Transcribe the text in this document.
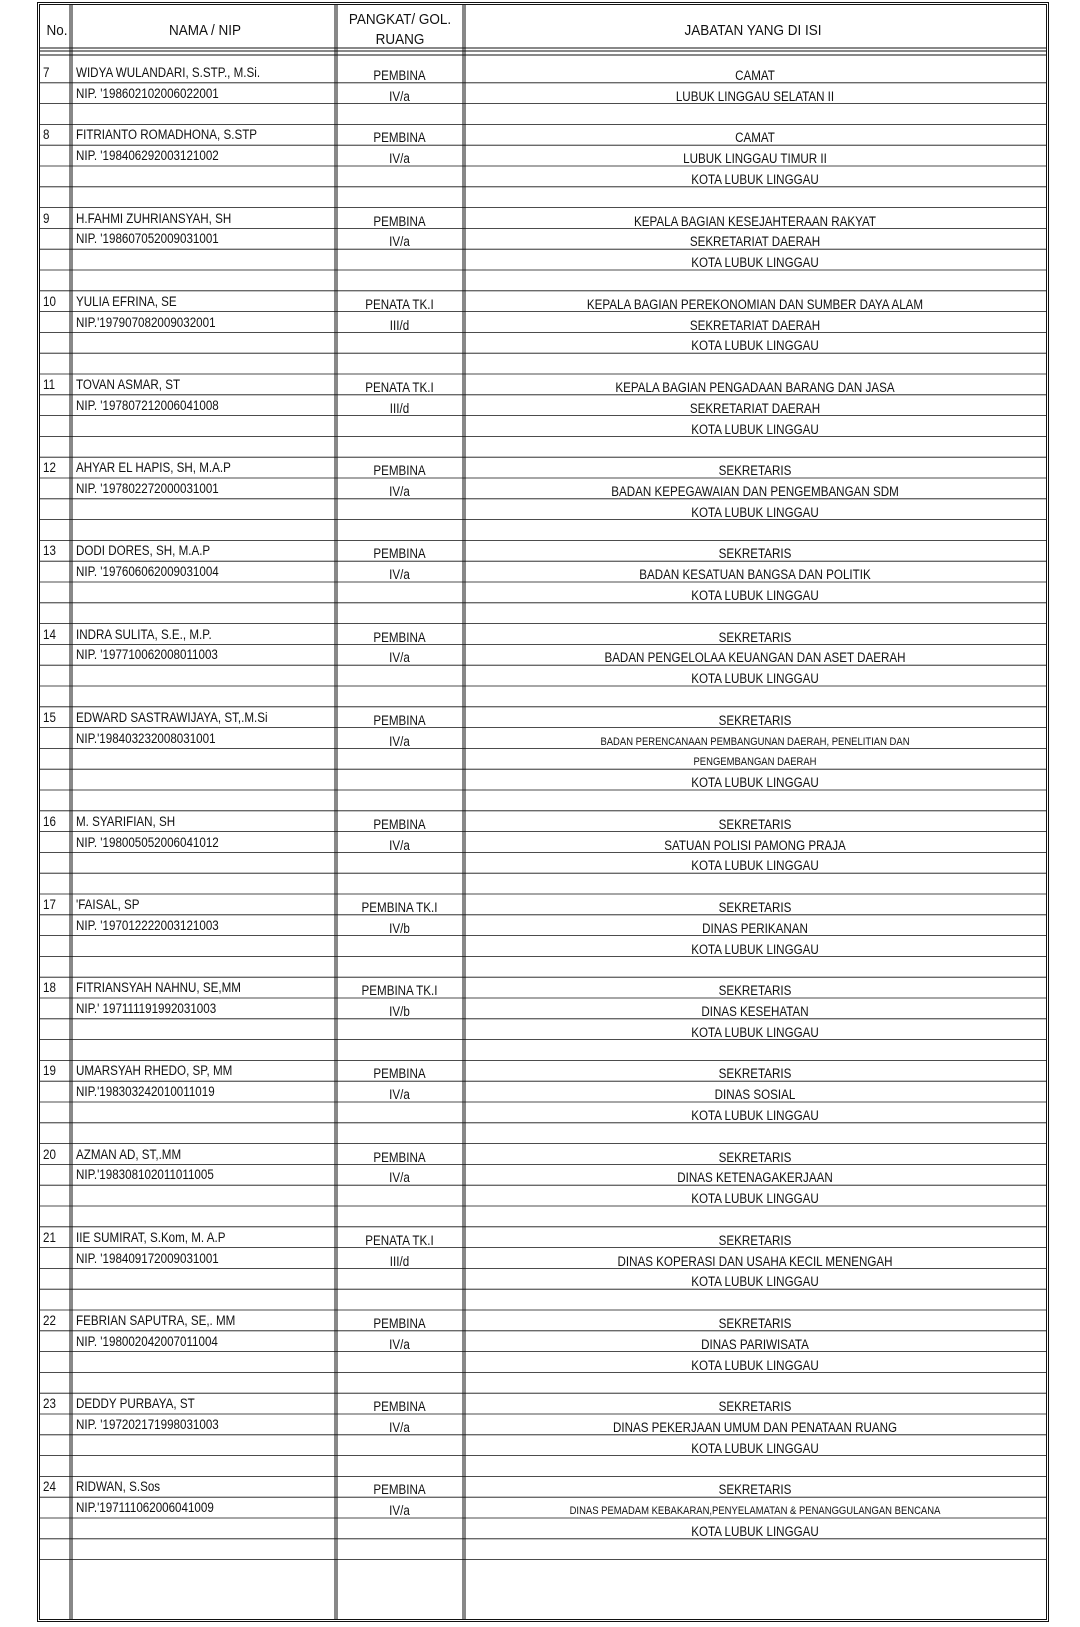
No.	NAMA / NIP
PANGKAT/ GOL.
RUANG
JABATAN YANG DI ISI
7 WIDYA WULANDARI, S.STP., M.Si.
NIP. '198602102006022001
PEMBINA
IV/a
CAMAT
LUBUK LINGGAU SELATAN II
8 FITRIANTO ROMADHONA, S.STP
NIP. '198406292003121002
PEMBINA
IV/a
CAMAT
LUBUK LINGGAU TIMUR II
KOTA LUBUK LINGGAU
9 H.FAHMI ZUHRIANSYAH, SH
NIP. '198607052009031001
PEMBINA
IV/a
KEPALA BAGIAN KESEJAHTERAAN RAKYAT
SEKRETARIAT DAERAH
KOTA LUBUK LINGGAU
10 YULIA EFRINA, SE
NIP.'197907082009032001
PENATA TK.I
III/d
KEPALA BAGIAN PEREKONOMIAN DAN SUMBER DAYA ALAM
SEKRETARIAT DAERAH
KOTA LUBUK LINGGAU
11 TOVAN ASMAR, ST
NIP. '197807212006041008
PENATA TK.I
III/d
KEPALA BAGIAN PENGADAAN BARANG DAN JASA
SEKRETARIAT DAERAH
KOTA LUBUK LINGGAU
12 AHYAR EL HAPIS, SH, M.A.P
NIP. '197802272000031001
PEMBINA
IV/a
SEKRETARIS
BADAN KEPEGAWAIAN DAN PENGEMBANGAN SDM
KOTA LUBUK LINGGAU
13 DODI DORES, SH, M.A.P
NIP. '197606062009031004
PEMBINA
IV/a
SEKRETARIS
BADAN KESATUAN BANGSA DAN POLITIK
KOTA LUBUK LINGGAU
14 INDRA SULITA, S.E., M.P.
NIP. '197710062008011003
PEMBINA
IV/a
SEKRETARIS
BADAN PENGELOLAA KEUANGAN DAN ASET DAERAH
KOTA LUBUK LINGGAU
15 EDWARD SASTRAWIJAYA, ST,.M.Si
NIP.'198403232008031001
PEMBINA
IV/a
SEKRETARIS
BADAN PERENCANAAN PEMBANGUNAN DAERAH, PENELITIAN DAN
PENGEMBANGAN DAERAH
KOTA LUBUK LINGGAU
16 M. SYARIFIAN, SH
NIP. '198005052006041012
PEMBINA
IV/a
SEKRETARIS
SATUAN POLISI PAMONG PRAJA
KOTA LUBUK LINGGAU
17 'FAISAL, SP
NIP. '197012222003121003
PEMBINA TK.I
IV/b
SEKRETARIS
DINAS PERIKANAN
KOTA LUBUK LINGGAU
18 FITRIANSYAH NAHNU, SE,MM
NIP.' 197111191992031003
PEMBINA TK.I
IV/b
SEKRETARIS
DINAS KESEHATAN
KOTA LUBUK LINGGAU
19 UMARSYAH RHEDO, SP, MM
NIP.'198303242010011019
PEMBINA
IV/a
SEKRETARIS
DINAS SOSIAL
KOTA LUBUK LINGGAU
20 AZMAN AD, ST,.MM
NIP.'198308102011011005
PEMBINA
IV/a
SEKRETARIS
DINAS KETENAGAKERJAAN
KOTA LUBUK LINGGAU
21 IIE SUMIRAT, S.Kom, M. A.P
NIP. '198409172009031001
PENATA TK.I
III/d
SEKRETARIS
DINAS KOPERASI DAN USAHA KECIL MENENGAH
KOTA LUBUK LINGGAU
22 FEBRIAN SAPUTRA, SE,. MM
NIP. '198002042007011004
PEMBINA
IV/a
SEKRETARIS
DINAS PARIWISATA
KOTA LUBUK LINGGAU
23 DEDDY PURBAYA, ST
NIP. '197202171998031003
PEMBINA
IV/a
SEKRETARIS
DINAS PEKERJAAN UMUM DAN PENATAAN RUANG
KOTA LUBUK LINGGAU
24 RIDWAN, S.Sos
NIP.'197111062006041009
PEMBINA
IV/a
SEKRETARIS
DINAS PEMADAM KEBAKARAN,PENYELAMATAN & PENANGGULANGAN BENCANA
KOTA LUBUK LINGGAU
